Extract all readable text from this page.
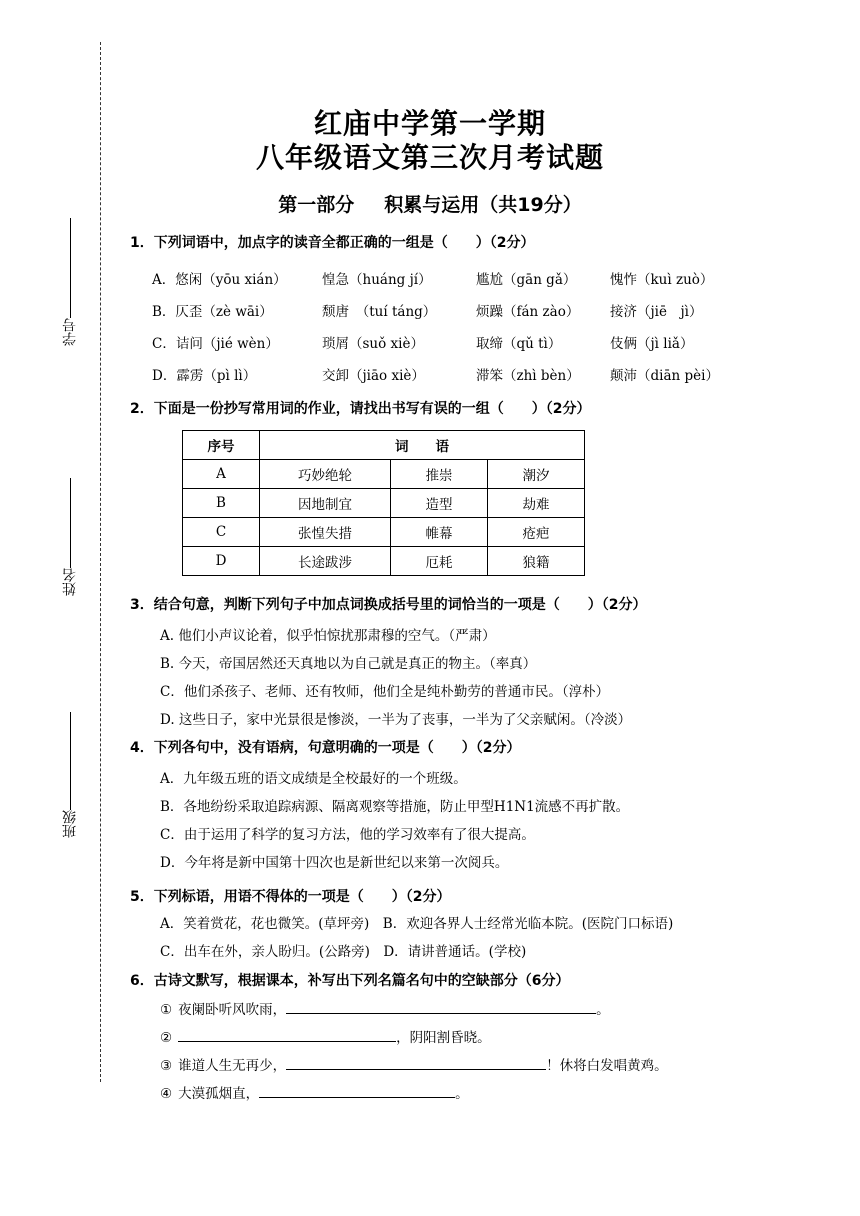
学号
姓名
班级
红庙中学第一学期
八年级语文第三次月考试题
第一部分 积累与运用（共19分）
1．下列词语中，加点字的读音全都正确的一组是（　　）（2分）
A．悠闲（yōu xián）	惶急（huáng jí）	尴尬（gān gǎ） 愧怍（kuì zuò）
B．仄歪（zè wāi）	颓唐　（tuí táng）	烦躁（fán zào） 接济（jiē　jì）
C．诘问（jié wèn）	琐屑（suǒ xiè）	取缔（qǔ tì）	伎俩（jì liǎ）
D．霹雳（pì lì）	交卸（jiāo xiè）	滞笨（zhì bèn） 颠沛（diān pèi）
2．下面是一份抄写常用词的作业，请找出书写有误的一组（　　）（2分）
序号	词　　语		
A	巧妙绝轮	推崇	潮汐
B	因地制宜	造型	劫难
C	张惶失措	帷幕	疮疤
D	长途跋涉	厄耗	狼籍
3．结合句意，判断下列句子中加点词换成括号里的词恰当的一项是（　　）（2分）
A. 他们小声议论着，似乎怕惊扰那肃穆的空气。（严肃）
B. 今天，帝国居然还天真地以为自己就是真正的物主。（率真）
C．他们杀孩子、老师、还有牧师，他们全是纯朴勤劳的普通市民。（淳朴）
D. 这些日子，家中光景很是惨淡，一半为了丧事，一半为了父亲赋闲。（冷淡）
4．下列各句中，没有语病，句意明确的一项是（　　）（2分）
A．九年级五班的语文成绩是全校最好的一个班级。
B．各地纷纷采取追踪病源、隔离观察等措施，防止甲型H1N1流感不再扩散。
C．由于运用了科学的复习方法，他的学习效率有了很大提高。
D．今年将是新中国第十四次也是新世纪以来第一次阅兵。
5．下列标语，用语不得体的一项是（　　）（2分）
A．笑着赏花，花也微笑。(草坪旁)　B．欢迎各界人士经常光临本院。(医院门口标语)
C．出车在外，亲人盼归。(公路旁)　D．请讲普通话。(学校)
6．古诗文默写，根据课本，补写出下列名篇名句中的空缺部分（6分）
① 夜阑卧听风吹雨，	。
②	，阴阳割昏晓。
③ 谁道人生无再少，	！休将白发唱黄鸡。
④ 大漠孤烟直，	。
